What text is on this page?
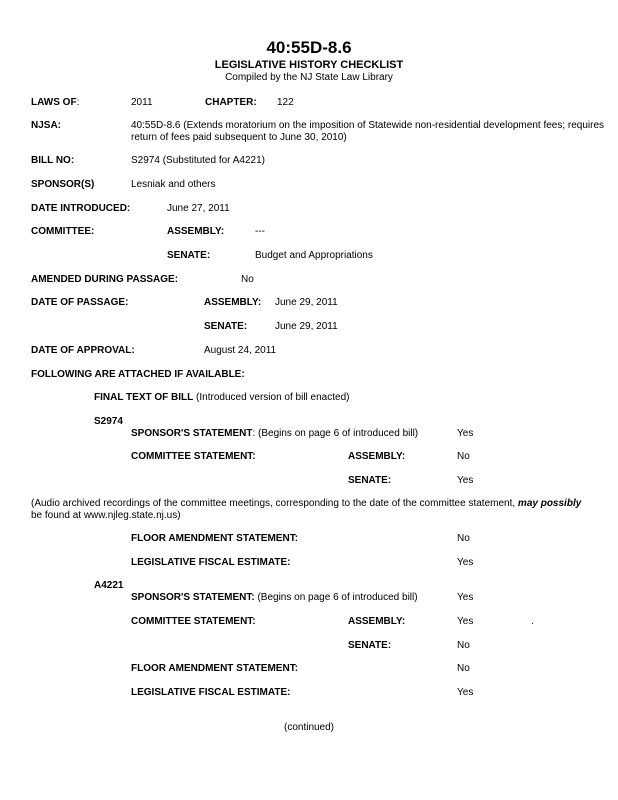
40:55D-8.6
LEGISLATIVE HISTORY CHECKLIST
Compiled by the NJ State Law Library
LAWS OF:	2011	CHAPTER: 122
NJSA:	40:55D-8.6 (Extends moratorium on the imposition of Statewide non-residential development fees; requires
return of fees paid subsequent to June 30, 2010)
BILL NO:	S2974 (Substituted for A4221)
SPONSOR(S)	Lesniak and others
DATE INTRODUCED:	June 27, 2011
COMMITTEE:	ASSEMBLY:	---
SENATE:	Budget and Appropriations
AMENDED DURING PASSAGE:	No
DATE OF PASSAGE:	ASSEMBLY: June 29, 2011
SENATE:	June 29, 2011
DATE OF APPROVAL:	August 24, 2011
FOLLOWING ARE ATTACHED IF AVAILABLE:
FINAL TEXT OF BILL (Introduced version of bill enacted)
S2974
SPONSOR'S STATEMENT: (Begins on page 6 of introduced bill)	Yes
COMMITTEE STATEMENT:	ASSEMBLY:	No
SENATE:	Yes
(Audio archived recordings of the committee meetings, corresponding to the date of the committee statement, may possibly
be found at www.njleg.state.nj.us)
FLOOR AMENDMENT STATEMENT:	No
LEGISLATIVE FISCAL ESTIMATE:	Yes
A4221
SPONSOR'S STATEMENT: (Begins on page 6 of introduced bill)	Yes
COMMITTEE STATEMENT:	ASSEMBLY:	Yes	.
SENATE:	No
FLOOR AMENDMENT STATEMENT:	No
LEGISLATIVE FISCAL ESTIMATE:	Yes
(continued)
